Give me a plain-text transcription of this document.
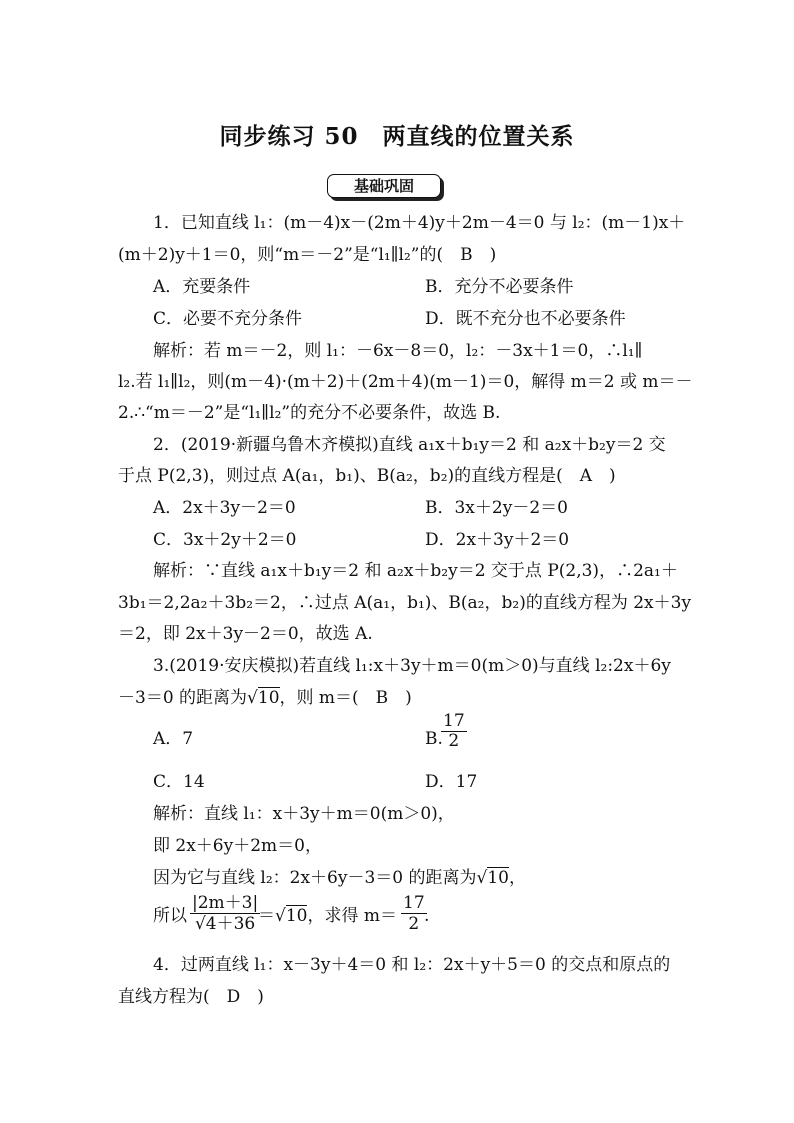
同步练习 50　两直线的位置关系
基础巩固
1．已知直线 l₁：(m－4)x－(2m＋4)y＋2m－4＝0 与 l₂：(m－1)x＋
(m＋2)y＋1＝0，则“m＝－2”是“l₁∥l₂”的(　B　)
A．充要条件	B．充分不必要条件
C．必要不充分条件	D．既不充分也不必要条件
解析：若 m＝－2，则 l₁：－6x－8＝0，l₂：－3x＋1＝0，∴l₁∥
l₂.若 l₁∥l₂，则(m－4)·(m＋2)＋(2m＋4)(m－1)＝0，解得 m＝2 或 m＝－
2.∴“m＝－2”是“l₁∥l₂”的充分不必要条件，故选 B.
2．(2019·新疆乌鲁木齐模拟)直线 a₁x＋b₁y＝2 和 a₂x＋b₂y＝2 交
于点 P(2,3)，则过点 A(a₁，b₁)、B(a₂，b₂)的直线方程是(　A　)
A．2x＋3y－2＝0	B．3x＋2y－2＝0
C．3x＋2y＋2＝0	D．2x＋3y＋2＝0
解析：∵直线 a₁x＋b₁y＝2 和 a₂x＋b₂y＝2 交于点 P(2,3)，∴2a₁＋
3b₁＝2,2a₂＋3b₂＝2，∴过点 A(a₁，b₁)、B(a₂，b₂)的直线方程为 2x＋3y
＝2，即 2x＋3y－2＝0，故选 A.
3.(2019·安庆模拟)若直线 l₁:x＋3y＋m＝0(m＞0)与直线 l₂:2x＋6y
－3＝0 的距离为√10，则 m＝(　B　)
A．7	B.
17
2
C．14	D．17
解析：直线 l₁：x＋3y＋m＝0(m＞0)，
即 2x＋6y＋2m＝0，
因为它与直线 l₂：2x＋6y－3＝0 的距离为√10，
所以
|2m＋3|
√4＋36 ＝√10，求得 m＝
17
2 .
4．过两直线 l₁：x－3y＋4＝0 和 l₂：2x＋y＋5＝0 的交点和原点的
直线方程为(　D　)
